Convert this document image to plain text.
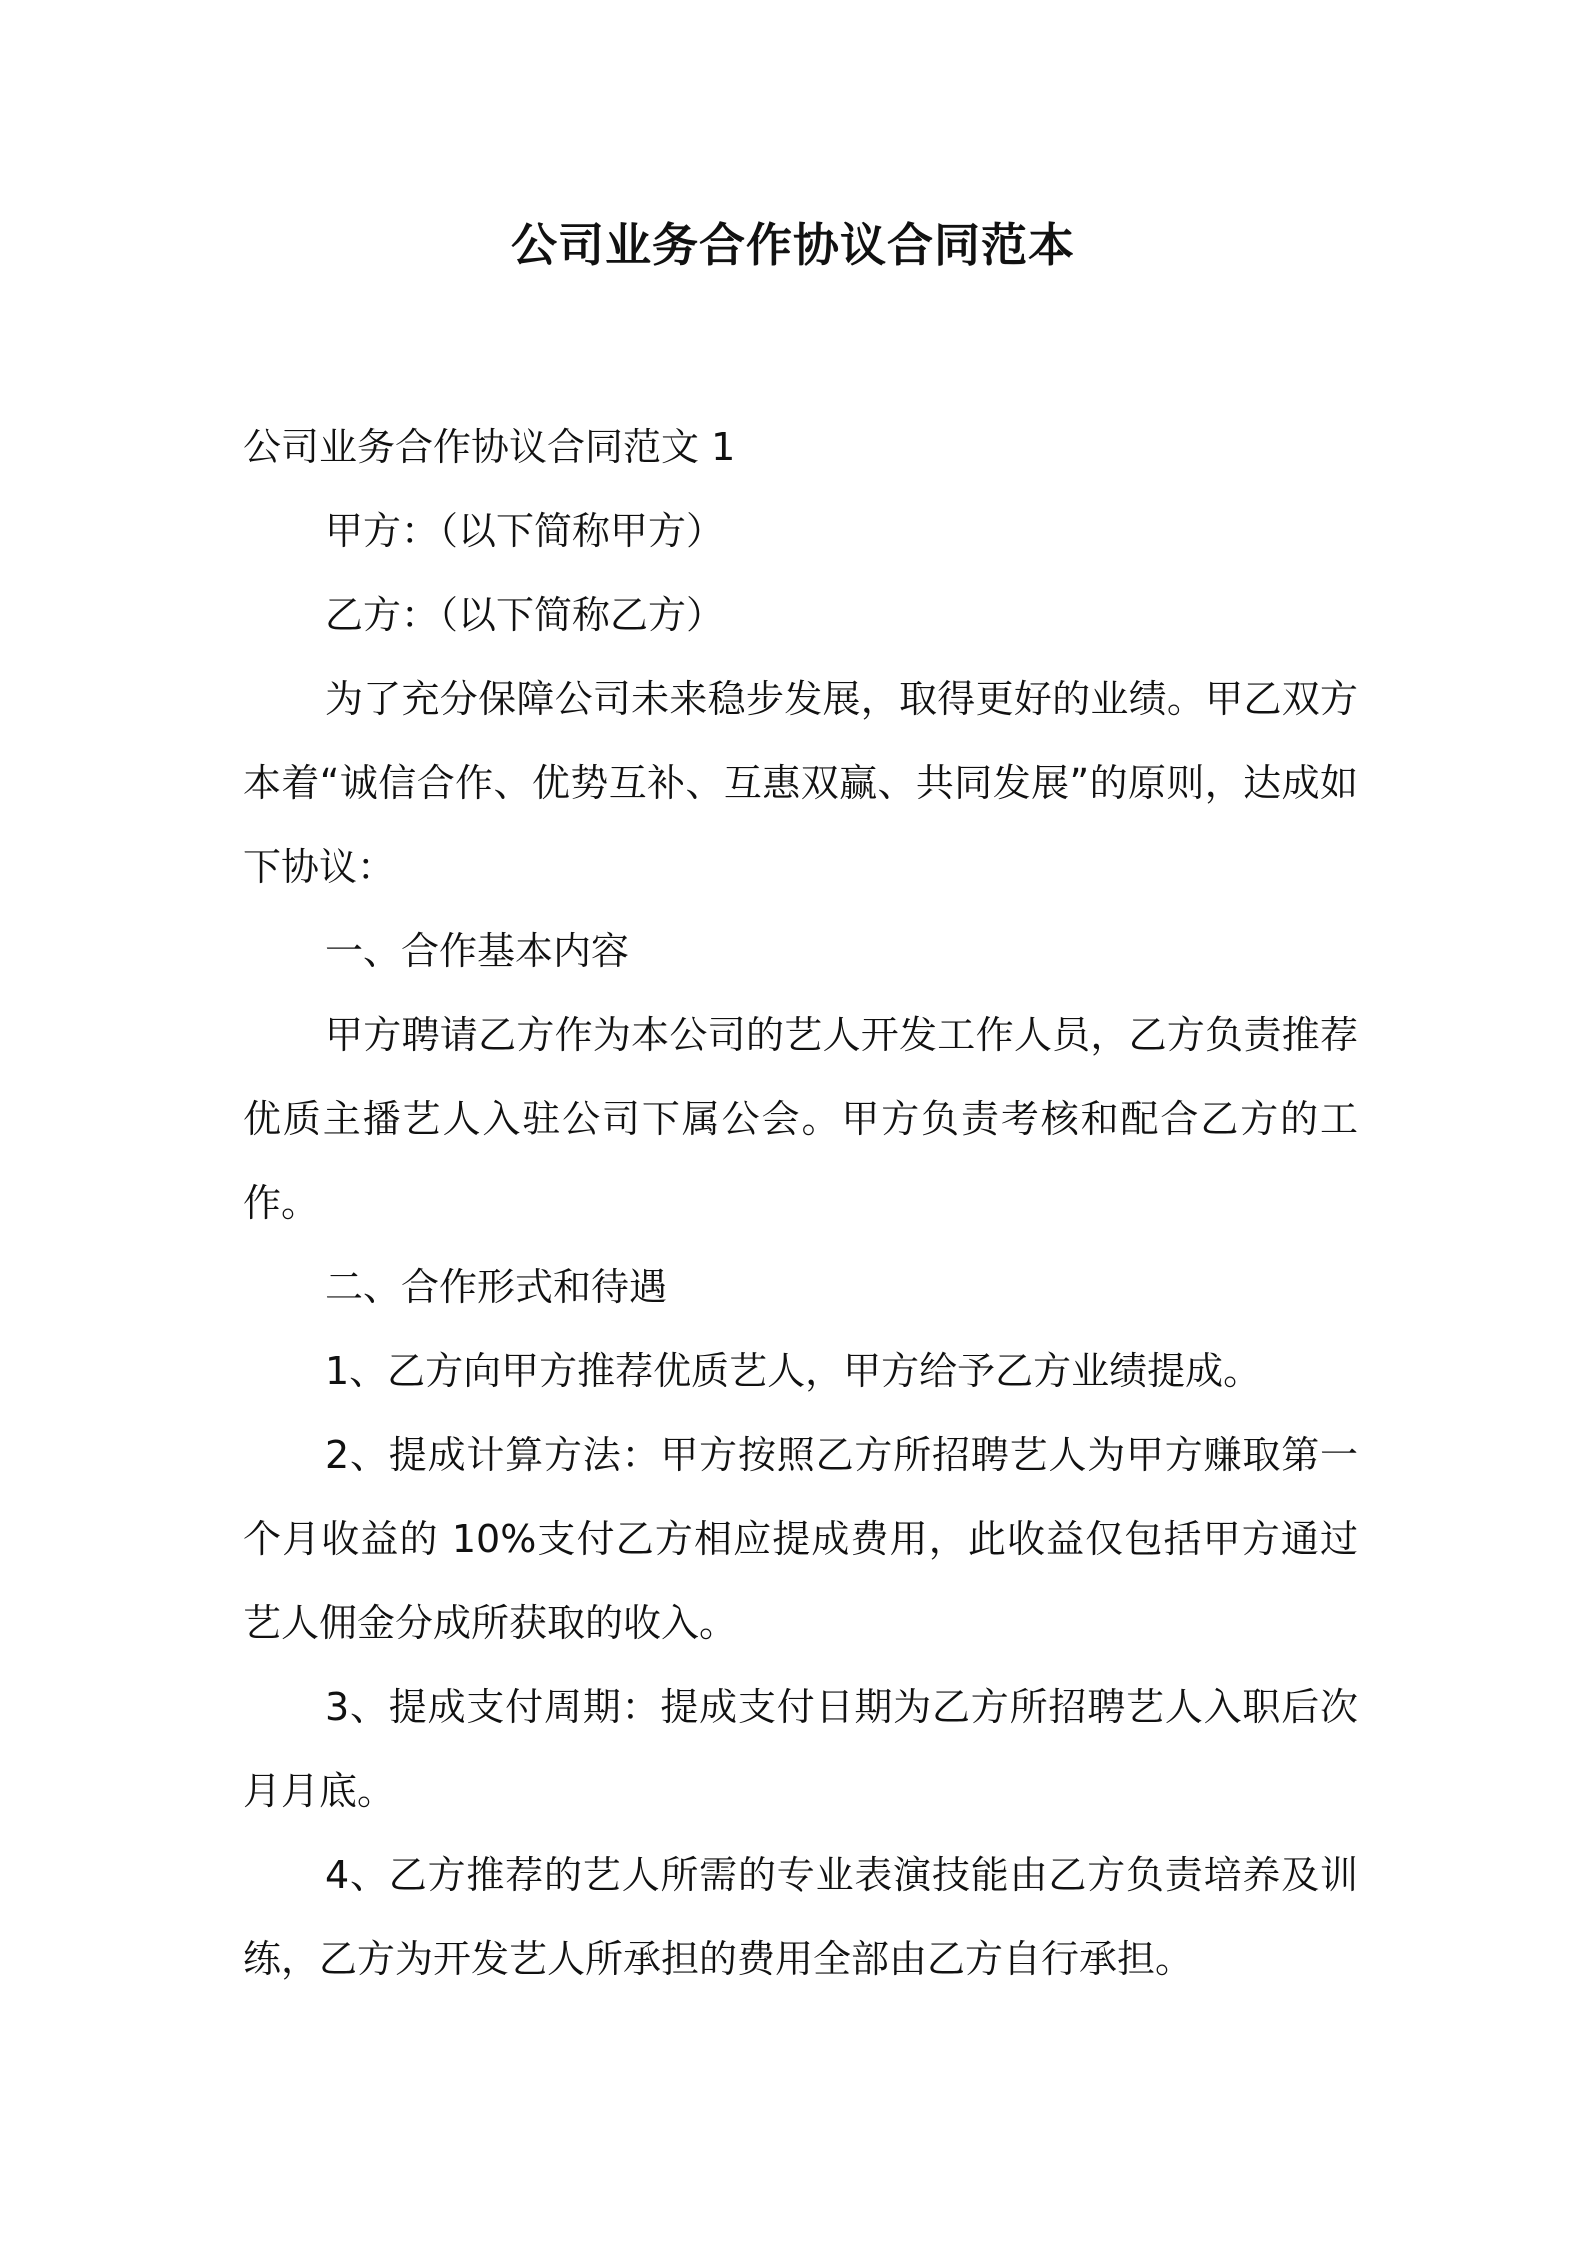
公司业务合作协议合同范本

公司业务合作协议合同范文 1

甲方：（以下简称甲方）

乙方：（以下简称乙方）

为了充分保障公司未来稳步发展，取得更好的业绩。甲乙双方本着“诚信合作、优势互补、互惠双赢、共同发展”的原则，达成如下协议：

一、合作基本内容

甲方聘请乙方作为本公司的艺人开发工作人员，乙方负责推荐优质主播艺人入驻公司下属公会。甲方负责考核和配合乙方的工作。

二、合作形式和待遇

1、乙方向甲方推荐优质艺人，甲方给予乙方业绩提成。

2、提成计算方法：甲方按照乙方所招聘艺人为甲方赚取第一个月收益的 10%支付乙方相应提成费用，此收益仅包括甲方通过艺人佣金分成所获取的收入。

3、提成支付周期：提成支付日期为乙方所招聘艺人入职后次月月底。

4、乙方推荐的艺人所需的专业表演技能由乙方负责培养及训练，乙方为开发艺人所承担的费用全部由乙方自行承担。
